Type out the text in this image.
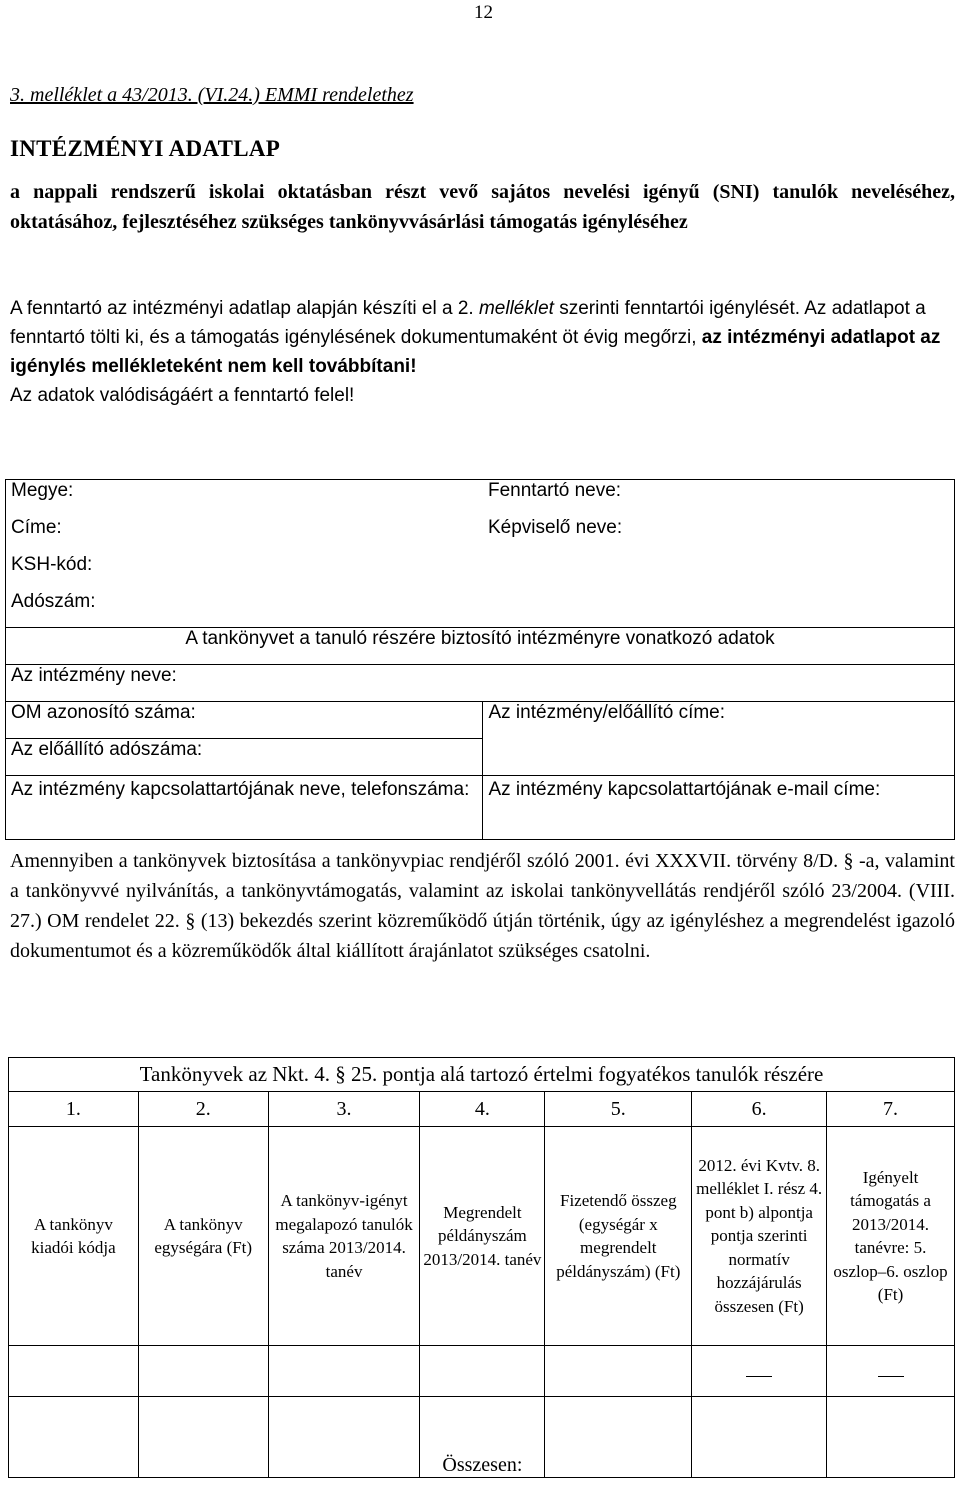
12
3. melléklet a 43/2013. (VI.24.) EMMI rendelethez
INTÉZMÉNYI ADATLAP
a nappali rendszerű iskolai oktatásban részt vevő sajátos nevelési igényű (SNI) tanulók neveléséhez, oktatásához, fejlesztéséhez szükséges tankönyvvásárlási támogatás igényléséhez
A fenntartó az intézményi adatlap alapján készíti el a 2. melléklet szerinti fenntartói igénylését. Az adatlapot a fenntartó tölti ki, és a támogatás igénylésének dokumentumaként öt évig megőrzi, az intézményi adatlapot az igénylés mellékleteként nem kell továbbítani!
Az adatok valódiságáért a fenntartó felel!
Megye:	Fenntartó neve:
Címe:	Képviselő neve:
KSH-kód:	
Adószám:	
A tankönyvet a tanuló részére biztosító intézményre vonatkozó adatok	
Az intézmény neve:	
OM azonosító száma:	Az intézmény/előállító címe:
Az előállító adószáma:	
Az intézmény kapcsolattartójának neve, telefonszáma:	Az intézmény kapcsolattartójának e-mail címe:
Amennyiben a tankönyvek biztosítása a tankönyvpiac rendjéről szóló 2001. évi XXXVII. törvény 8/D. § -a, valamint a tankönyvvé nyilvánítás, a tankönyvtámogatás, valamint az iskolai tankönyvellátás rendjéről szóló 23/2004. (VIII. 27.) OM rendelet 22. § (13) bekezdés szerint közreműködő útján történik, úgy az igényléshez a megrendelést igazoló dokumentumot és a közreműködők által kiállított árajánlatot szükséges csatolni.
Tankönyvek az Nkt. 4. § 25. pontja alá tartozó értelmi fogyatékos tanulók részére						
1.	2.	3.	4.	5.	6.	7.
A tankönyv kiadói kódja	A tankönyv egységára (Ft)	A tankönyv-igényt megalapozó tanulók száma 2013/2014. tanév	Megrendelt példányszám 2013/2014. tanév	Fizetendő összeg (egységár x megrendelt példányszám) (Ft)	2012. évi Kvtv. 8. melléklet I. rész 4. pont b) alpontja pontja szerinti normatív hozzájárulás összesen (Ft)	Igényelt támogatás a 2013/2014. tanévre: 5. oszlop–6. oszlop (Ft)

			Összesen:			
